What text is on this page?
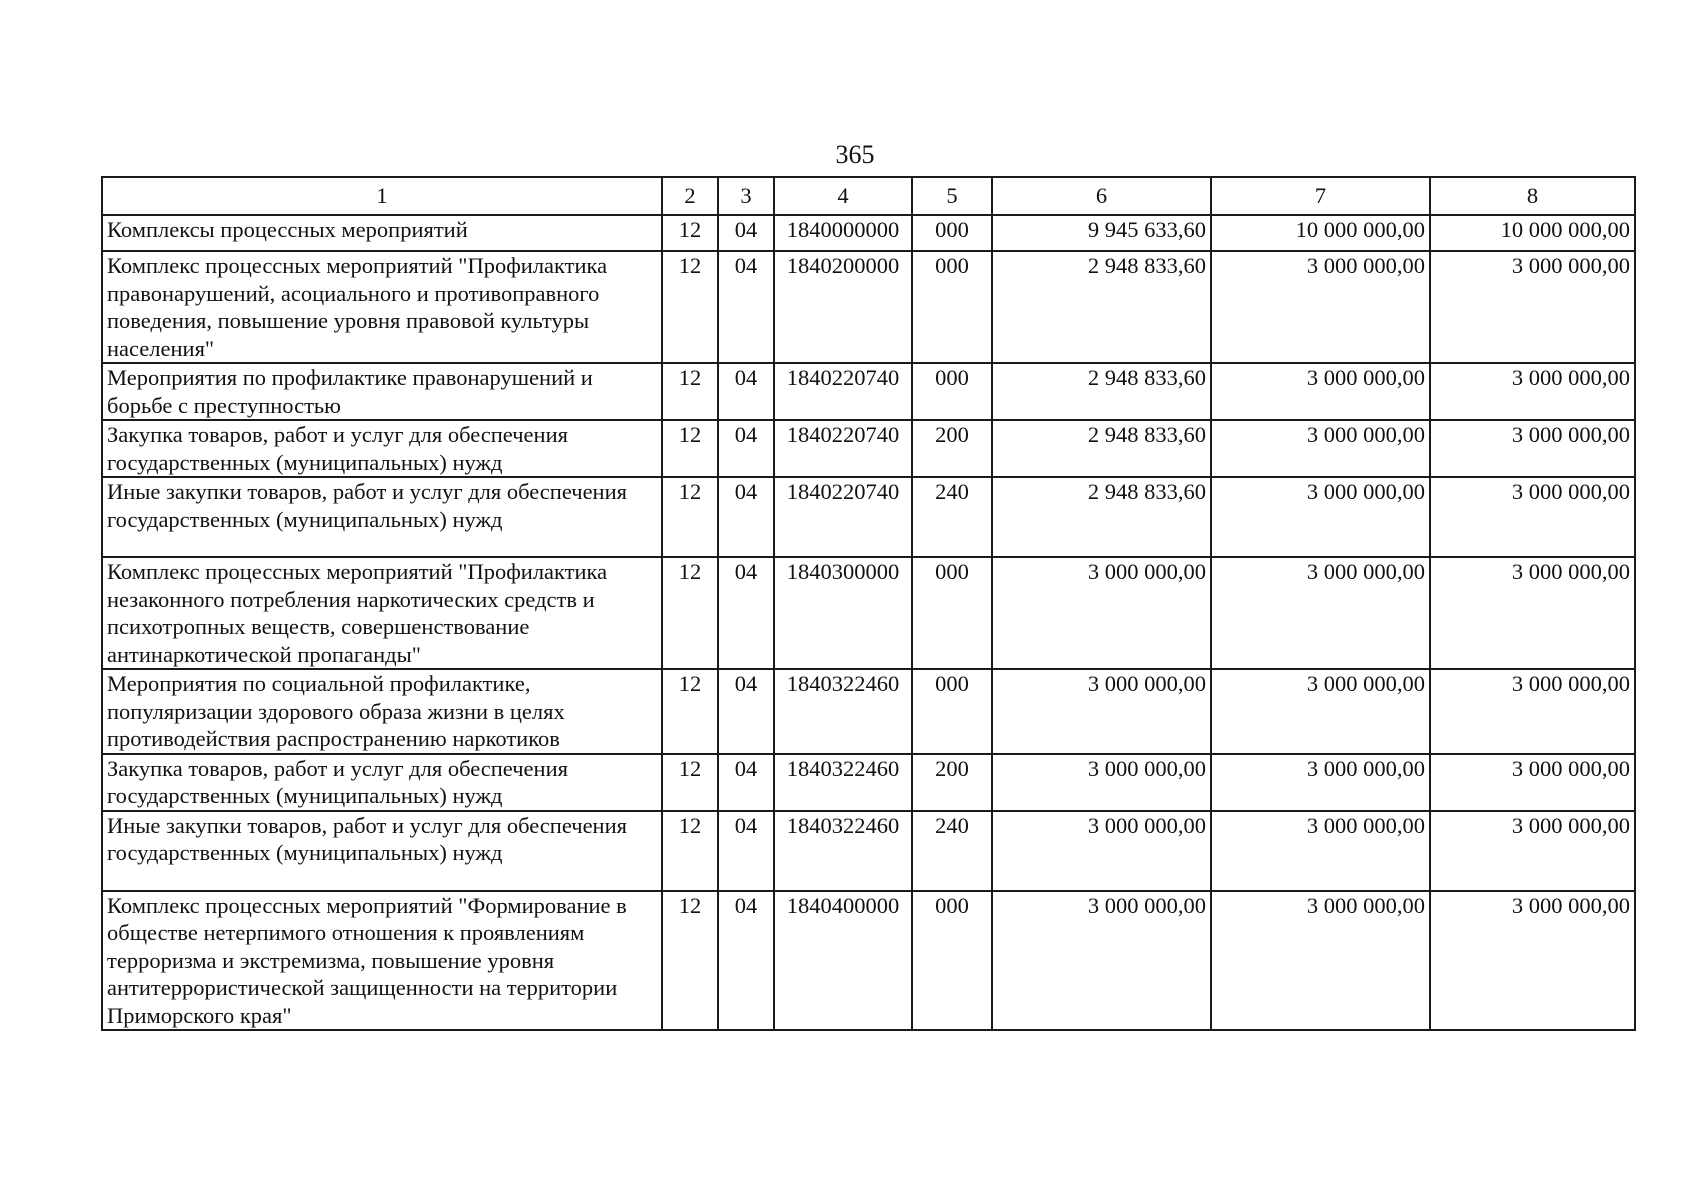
365
1	2	3	4	5	6	7	8
Комплексы процессных мероприятий	12	04	1840000000	000	9 945 633,60	10 000 000,00	10 000 000,00
Комплекс процессных мероприятий "Профилактика правонарушений, асоциального и противоправного поведения, повышение уровня правовой культуры населения"	12	04	1840200000	000	2 948 833,60	3 000 000,00	3 000 000,00
Мероприятия по профилактике правонарушений и борьбе с преступностью	12	04	1840220740	000	2 948 833,60	3 000 000,00	3 000 000,00
Закупка товаров, работ и услуг для обеспечения государственных (муниципальных) нужд	12	04	1840220740	200	2 948 833,60	3 000 000,00	3 000 000,00
Иные закупки товаров, работ и услуг для обеспечения государственных (муниципальных) нужд	12	04	1840220740	240	2 948 833,60	3 000 000,00	3 000 000,00
Комплекс процессных мероприятий "Профилактика незаконного потребления наркотических средств и психотропных веществ, совершенствование антинаркотической пропаганды"	12	04	1840300000	000	3 000 000,00	3 000 000,00	3 000 000,00
Мероприятия по социальной профилактике, популяризации здорового образа жизни в целях противодействия распространению наркотиков	12	04	1840322460	000	3 000 000,00	3 000 000,00	3 000 000,00
Закупка товаров, работ и услуг для обеспечения государственных (муниципальных) нужд	12	04	1840322460	200	3 000 000,00	3 000 000,00	3 000 000,00
Иные закупки товаров, работ и услуг для обеспечения государственных (муниципальных) нужд	12	04	1840322460	240	3 000 000,00	3 000 000,00	3 000 000,00
Комплекс процессных мероприятий "Формирование в обществе нетерпимого отношения к проявлениям терроризма и экстремизма, повышение уровня антитеррористической защищенности на территории Приморского края"	12	04	1840400000	000	3 000 000,00	3 000 000,00	3 000 000,00
